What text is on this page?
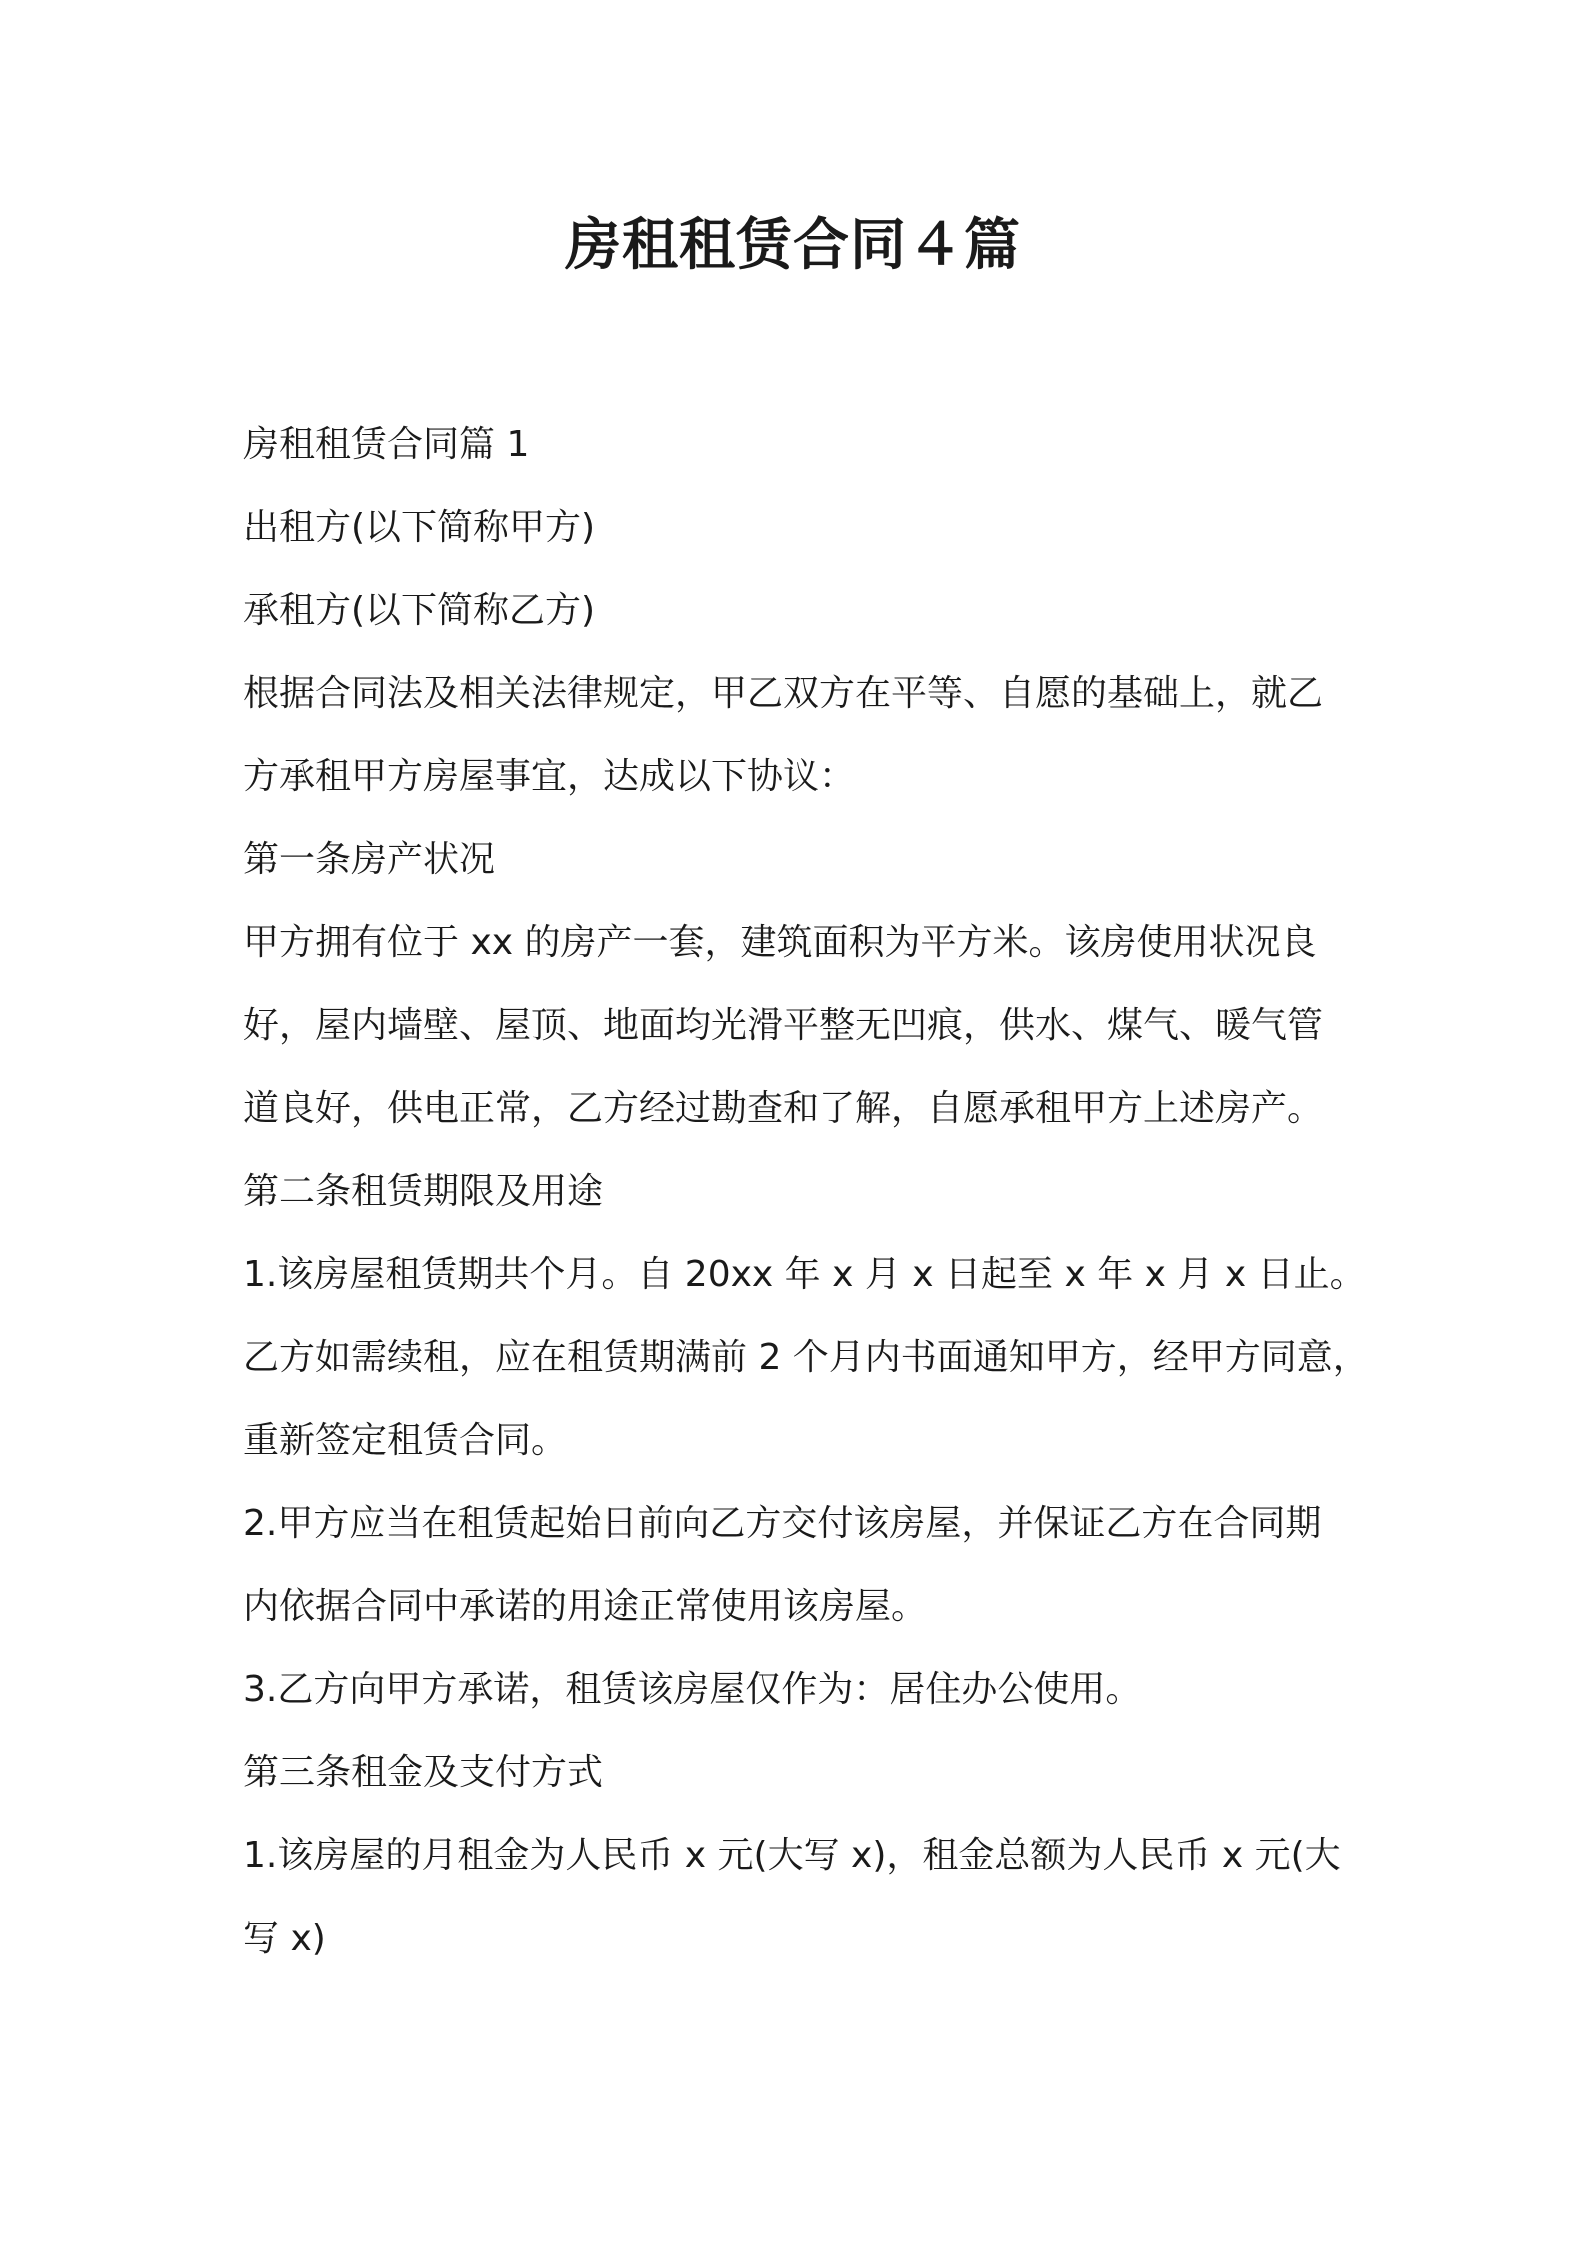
房租租赁合同４篇
房租租赁合同篇 1
出租方(以下简称甲方)
承租方(以下简称乙方)
根据合同法及相关法律规定，甲乙双方在平等、自愿的基础上，就乙
方承租甲方房屋事宜，达成以下协议：
第一条房产状况
甲方拥有位于 xx 的房产一套，建筑面积为平方米。该房使用状况良
好，屋内墙壁、屋顶、地面均光滑平整无凹痕，供水、煤气、暖气管
道良好，供电正常，乙方经过勘查和了解，自愿承租甲方上述房产。
第二条租赁期限及用途
1.该房屋租赁期共个月。自 20xx 年 x 月 x 日起至 x 年 x 月 x 日止。
乙方如需续租，应在租赁期满前 2 个月内书面通知甲方，经甲方同意，
重新签定租赁合同。
2.甲方应当在租赁起始日前向乙方交付该房屋，并保证乙方在合同期
内依据合同中承诺的用途正常使用该房屋。
3.乙方向甲方承诺，租赁该房屋仅作为：居住办公使用。
第三条租金及支付方式
1.该房屋的月租金为人民币 x 元(大写 x)，租金总额为人民币 x 元(大
写 x)
